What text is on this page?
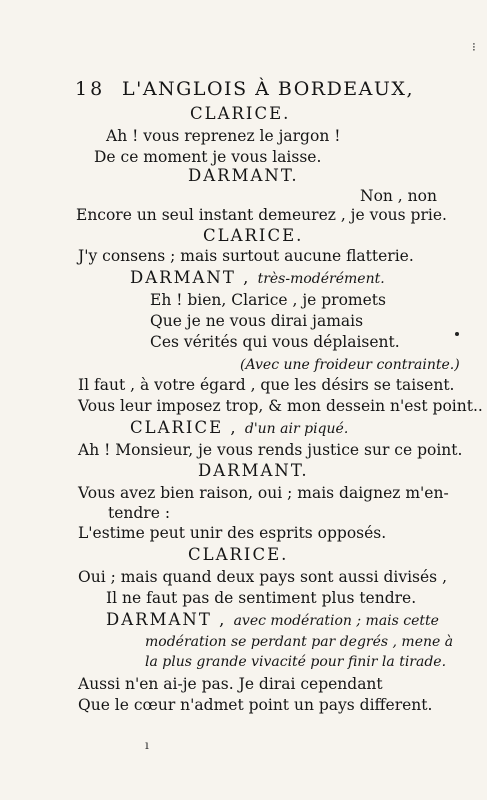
18 L'ANGLOIS À BORDEAUX,
CLARICE.
Ah ! vous reprenez le jargon !
De ce moment je vous laisse.
DARMANT.
Non , non
Encore un seul instant demeurez , je vous prie.
CLARICE.
J'y consens ; mais surtout aucune flatterie.
DARMANT , très-modérément.
Eh ! bien, Clarice , je promets
Que je ne vous dirai jamais
Ces vérités qui vous déplaisent.
(Avec une froideur contrainte.)
Il faut , à votre égard , que les désirs se taisent.
Vous leur imposez trop, & mon dessein n'est point..
CLARICE , d'un air piqué.
Ah ! Monsieur, je vous rends justice sur ce point.
DARMANT.
Vous avez bien raison, oui ; mais daignez m'en-
tendre :
L'estime peut unir des esprits opposés.
CLARICE.
Oui ; mais quand deux pays sont aussi divisés ,
Il ne faut pas de sentiment plus tendre.
DARMANT , avec modération ; mais cette
modération se perdant par degrés , mene à
la plus grande vivacité pour finir la tirade.
Aussi n'en ai-je pas. Je dirai cependant
Que le cœur n'admet point un pays different.
⁝
ı
